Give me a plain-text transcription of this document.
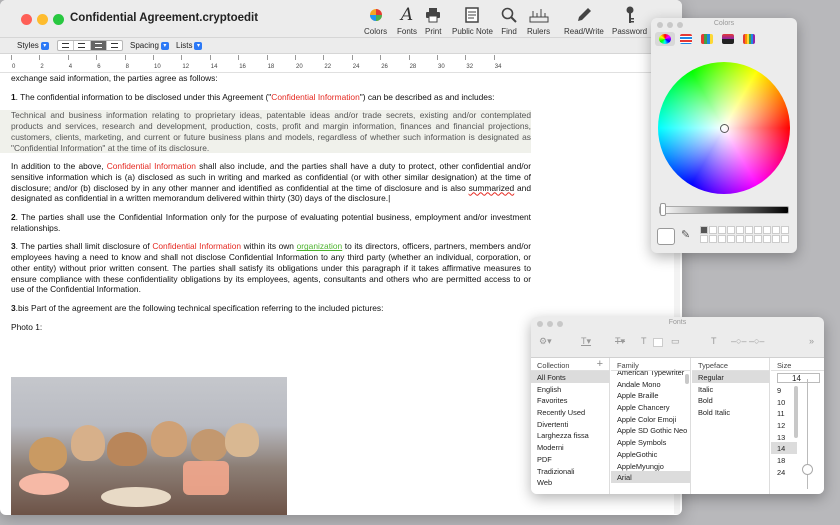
Confidential Agreement.cryptoedit
Colors
A
Fonts Print Public Note Find Rulers Read/Write Password
Styles ▾	Spacing ▾	Lists ▾
0	2	4	6	8	10	12	14	16	18	20	22	24	26	28	30	32	34

exchange said information, the parties agree as follows:

1. The confidential information to be disclosed under this Agreement ("Confidential Information") can be described as and includes:

Technical and business information relating to proprietary ideas, patentable ideas and/or trade secrets, existing and/or contemplated products and services, research and development, production, costs, profit and margin information, finances and financial projections, customers, clients, marketing, and current or future business plans and models, regardless of whether such information is designated as "Confidential Information" at the time of its disclosure.

In addition to the above, Confidential Information shall also include, and the parties shall have a duty to protect, other confidential and/or sensitive information which is (a) disclosed as such in writing and marked as confidential (or with other similar designation) at the time of disclosure; and/or (b) disclosed by in any other manner and identified as confidential at the time of disclosure and is also summarized and designated as confidential in a written memorandum delivered within thirty (30) days of the disclosure.|

2. The parties shall use the Confidential Information only for the purpose of evaluating potential business, employment and/or investment relationships.

3. The parties shall limit disclosure of Confidential Information within its own organization to its directors, officers, partners, members and/or employees having a need to know and shall not disclose Confidential Information to any third party (whether an individual, corporation, or other entity) without prior written consent. The parties shall satisfy its obligations under this paragraph if it takes affirmative measures to ensure compliance with these confidentiality obligations by its employees, agents, consultants and others who are permitted access to or use of the Confidential Information.

3.bis Part of the agreement are the following technical specification referring to the included pictures:

Photo 1:

Colors
✎
Fonts
⚙▾	T▾	T▾ T	▭	T ‒○‒ ‒○‒	»
Collection +
All Fonts
English
Favorites
Recently Used
Divertenti
Larghezza fissa
Moderni
PDF
Tradizionali
Web
Family
American Typewriter
Andale Mono
Apple Braille
Apple Chancery
Apple Color Emoji
Apple SD Gothic Neo
Apple Symbols
AppleGothic
AppleMyungjo
Arial
Typeface
Regular
Italic
Bold
Bold Italic
Size
14
9
10
11
12
13
14
18
24
